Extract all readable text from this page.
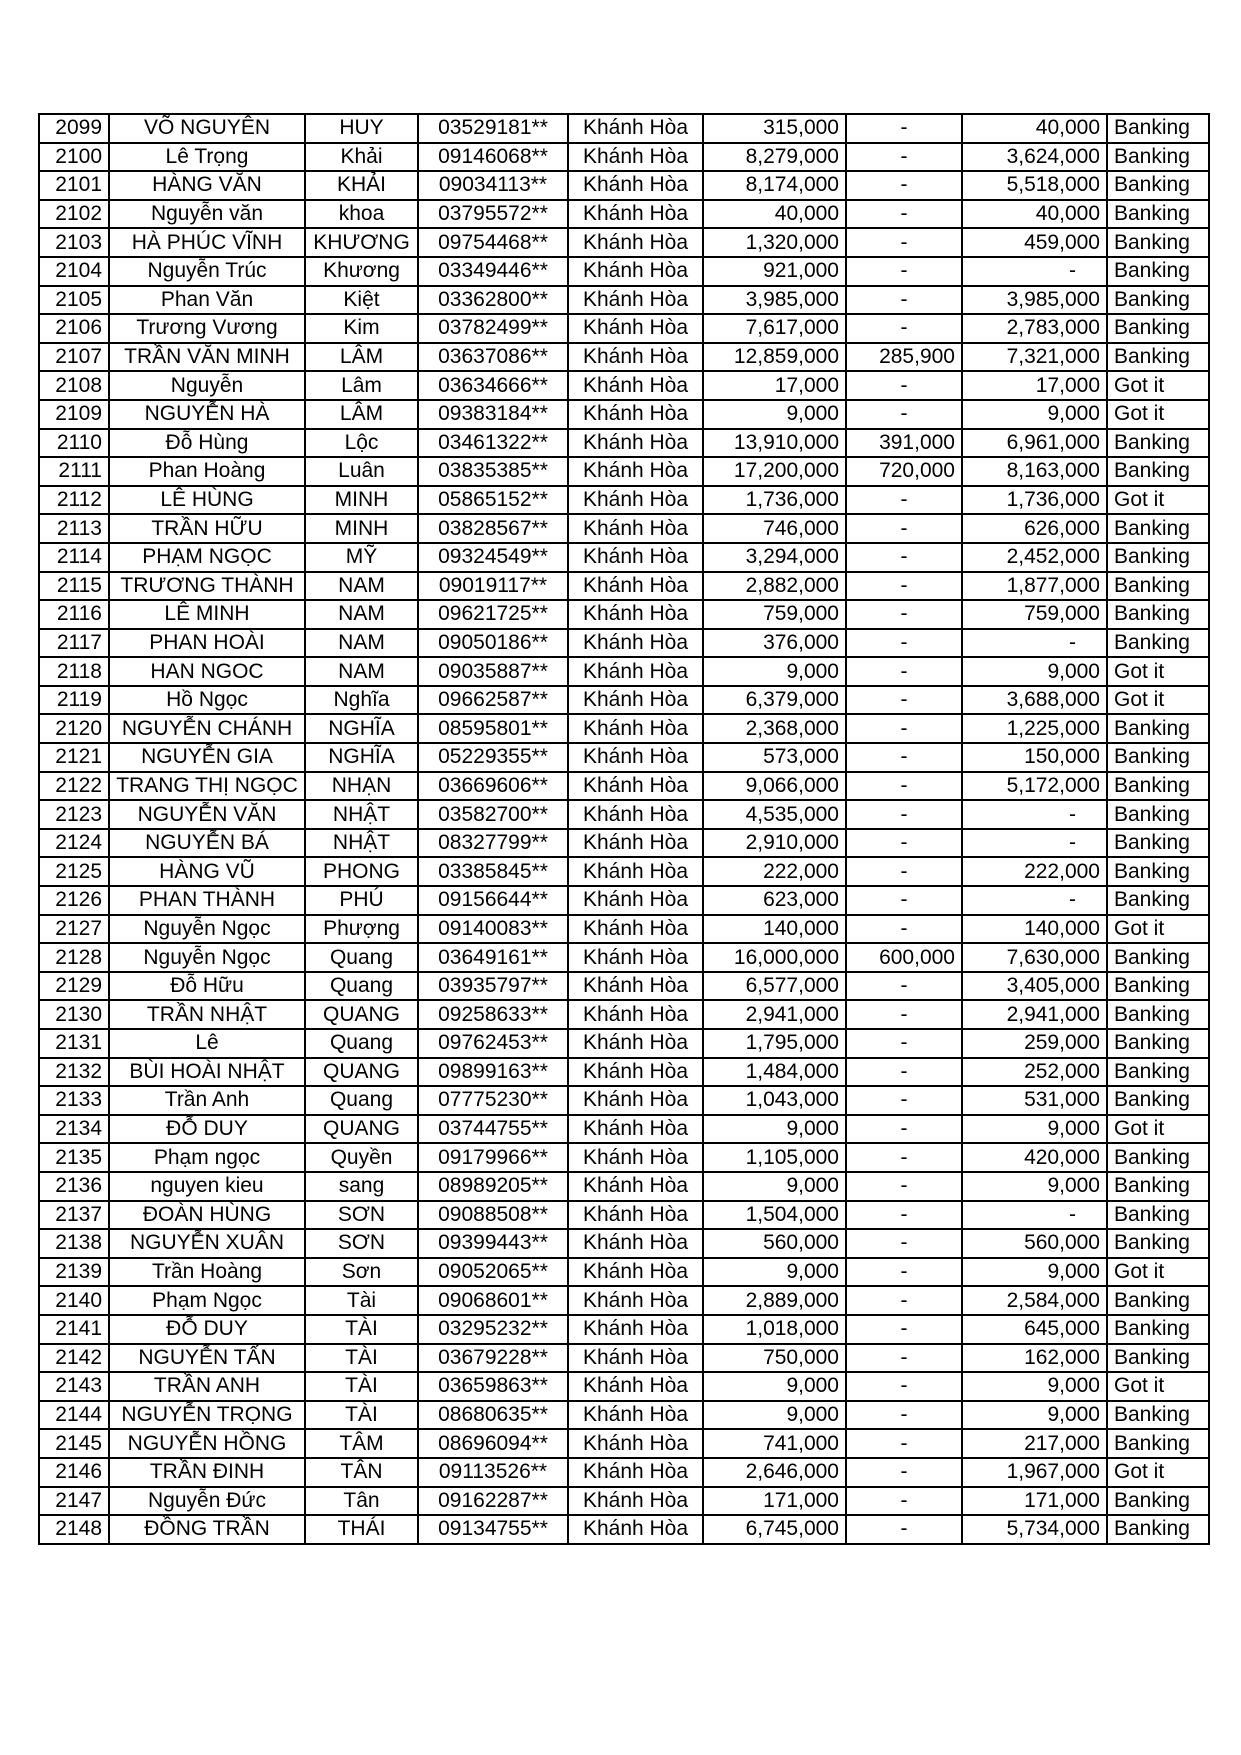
2099	VÕ NGUYÊN	HUY	03529181**	Khánh Hòa	315,000	-	40,000	Banking
2100	Lê Trọng	Khải	09146068**	Khánh Hòa	8,279,000	-	3,624,000	Banking
2101	HÀNG VĂN	KHẢI	09034113**	Khánh Hòa	8,174,000	-	5,518,000	Banking
2102	Nguyễn văn	khoa	03795572**	Khánh Hòa	40,000	-	40,000	Banking
2103	HÀ PHÚC VĨNH	KHƯƠNG	09754468**	Khánh Hòa	1,320,000	-	459,000	Banking
2104	Nguyễn Trúc	Khương	03349446**	Khánh Hòa	921,000	-	-	Banking
2105	Phan Văn	Kiệt	03362800**	Khánh Hòa	3,985,000	-	3,985,000	Banking
2106	Trương Vương	Kim	03782499**	Khánh Hòa	7,617,000	-	2,783,000	Banking
2107	TRẦN VĂN MINH	LÂM	03637086**	Khánh Hòa	12,859,000	285,900	7,321,000	Banking
2108	Nguyễn	Lâm	03634666**	Khánh Hòa	17,000	-	17,000	Got it
2109	NGUYỄN HÀ	LÂM	09383184**	Khánh Hòa	9,000	-	9,000	Got it
2110	Đỗ Hùng	Lộc	03461322**	Khánh Hòa	13,910,000	391,000	6,961,000	Banking
2111	Phan Hoàng	Luân	03835385**	Khánh Hòa	17,200,000	720,000	8,163,000	Banking
2112	LÊ HÙNG	MINH	05865152**	Khánh Hòa	1,736,000	-	1,736,000	Got it
2113	TRẦN HỮU	MINH	03828567**	Khánh Hòa	746,000	-	626,000	Banking
2114	PHẠM NGỌC	MỸ	09324549**	Khánh Hòa	3,294,000	-	2,452,000	Banking
2115	TRƯƠNG THÀNH	NAM	09019117**	Khánh Hòa	2,882,000	-	1,877,000	Banking
2116	LÊ MINH	NAM	09621725**	Khánh Hòa	759,000	-	759,000	Banking
2117	PHAN HOÀI	NAM	09050186**	Khánh Hòa	376,000	-	-	Banking
2118	HAN NGOC	NAM	09035887**	Khánh Hòa	9,000	-	9,000	Got it
2119	Hồ Ngọc	Nghĩa	09662587**	Khánh Hòa	6,379,000	-	3,688,000	Got it
2120	NGUYỄN CHÁNH	NGHĨA	08595801**	Khánh Hòa	2,368,000	-	1,225,000	Banking
2121	NGUYỄN GIA	NGHĨA	05229355**	Khánh Hòa	573,000	-	150,000	Banking
2122	TRANG THỊ NGỌC	NHẠN	03669606**	Khánh Hòa	9,066,000	-	5,172,000	Banking
2123	NGUYỄN VĂN	NHẬT	03582700**	Khánh Hòa	4,535,000	-	-	Banking
2124	NGUYỄN BÁ	NHẬT	08327799**	Khánh Hòa	2,910,000	-	-	Banking
2125	HÀNG VŨ	PHONG	03385845**	Khánh Hòa	222,000	-	222,000	Banking
2126	PHAN THÀNH	PHÚ	09156644**	Khánh Hòa	623,000	-	-	Banking
2127	Nguyễn Ngọc	Phượng	09140083**	Khánh Hòa	140,000	-	140,000	Got it
2128	Nguyễn Ngọc	Quang	03649161**	Khánh Hòa	16,000,000	600,000	7,630,000	Banking
2129	Đỗ Hữu	Quang	03935797**	Khánh Hòa	6,577,000	-	3,405,000	Banking
2130	TRẦN NHẬT	QUANG	09258633**	Khánh Hòa	2,941,000	-	2,941,000	Banking
2131	Lê	Quang	09762453**	Khánh Hòa	1,795,000	-	259,000	Banking
2132	BÙI HOÀI NHẬT	QUANG	09899163**	Khánh Hòa	1,484,000	-	252,000	Banking
2133	Trần Anh	Quang	07775230**	Khánh Hòa	1,043,000	-	531,000	Banking
2134	ĐỖ DUY	QUANG	03744755**	Khánh Hòa	9,000	-	9,000	Got it
2135	Phạm ngọc	Quyền	09179966**	Khánh Hòa	1,105,000	-	420,000	Banking
2136	nguyen kieu	sang	08989205**	Khánh Hòa	9,000	-	9,000	Banking
2137	ĐOÀN HÙNG	SƠN	09088508**	Khánh Hòa	1,504,000	-	-	Banking
2138	NGUYỄN XUÂN	SƠN	09399443**	Khánh Hòa	560,000	-	560,000	Banking
2139	Trần Hoàng	Sơn	09052065**	Khánh Hòa	9,000	-	9,000	Got it
2140	Phạm Ngọc	Tài	09068601**	Khánh Hòa	2,889,000	-	2,584,000	Banking
2141	ĐỖ DUY	TÀI	03295232**	Khánh Hòa	1,018,000	-	645,000	Banking
2142	NGUYỄN TẤN	TÀI	03679228**	Khánh Hòa	750,000	-	162,000	Banking
2143	TRẦN ANH	TÀI	03659863**	Khánh Hòa	9,000	-	9,000	Got it
2144	NGUYỄN TRỌNG	TÀI	08680635**	Khánh Hòa	9,000	-	9,000	Banking
2145	NGUYỄN HỒNG	TÂM	08696094**	Khánh Hòa	741,000	-	217,000	Banking
2146	TRẦN ĐINH	TÂN	09113526**	Khánh Hòa	2,646,000	-	1,967,000	Got it
2147	Nguyễn Đức	Tân	09162287**	Khánh Hòa	171,000	-	171,000	Banking
2148	ĐỒNG TRẦN	THÁI	09134755**	Khánh Hòa	6,745,000	-	5,734,000	Banking
